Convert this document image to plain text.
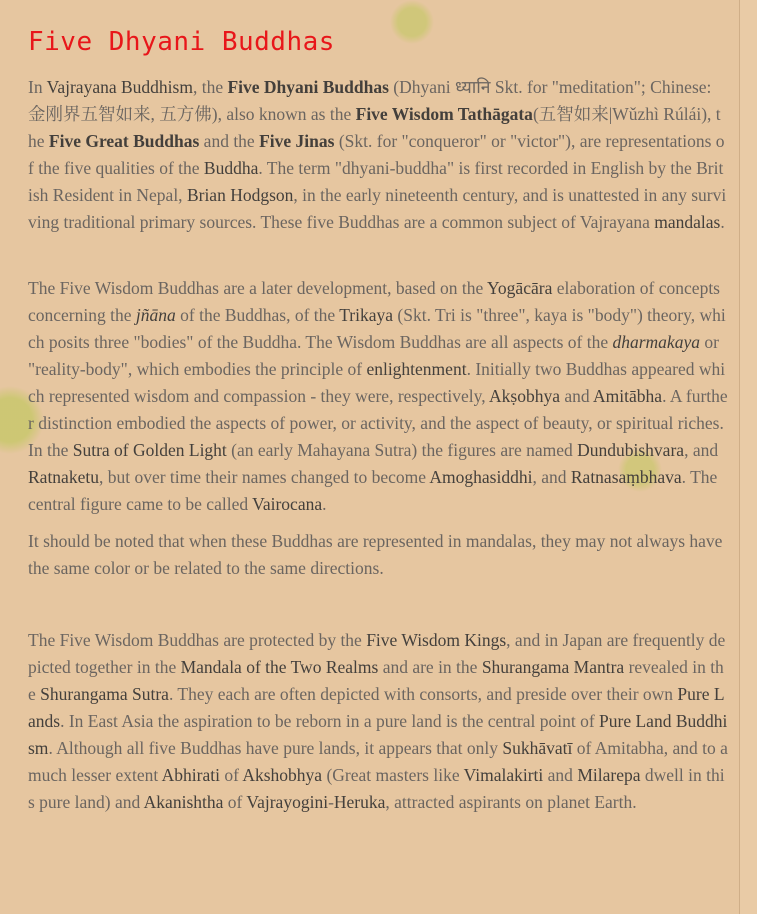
Five Dhyani Buddhas

In Vajrayana Buddhism, the Five Dhyani Buddhas (Dhyani ध्यानि Skt. for "meditation"; Chinese: 金刚界五智如来, 五方佛), also known as the Five Wisdom Tathāgata(五智如来|Wǔzhì Rúlái), the Five Great Buddhas and the Five Jinas (Skt. for "conqueror" or "victor"), are representations of the five qualities of the Buddha. The term "dhyani-buddha" is first recorded in English by the British Resident in Nepal, Brian Hodgson, in the early nineteenth century, and is unattested in any surviving traditional primary sources. These five Buddhas are a common subject of Vajrayana mandalas.

The Five Wisdom Buddhas are a later development, based on the Yogācāra elaboration of concepts concerning the jñāna of the Buddhas, of the Trikaya (Skt. Tri is "three", kaya is "body") theory, which posits three "bodies" of the Buddha. The Wisdom Buddhas are all aspects of the dharmakaya or "reality-body", which embodies the principle of enlightenment. Initially two Buddhas appeared which represented wisdom and compassion - they were, respectively, Akṣobhya and Amitābha. A further distinction embodied the aspects of power, or activity, and the aspect of beauty, or spiritual riches. In the Sutra of Golden Light (an early Mahayana Sutra) the figures are named Dundubishvara, and Ratnaketu, but over time their names changed to become Amoghasiddhi, and Ratnasaṃbhava. The central figure came to be called Vairocana.

It should be noted that when these Buddhas are represented in mandalas, they may not always have the same color or be related to the same directions.

The Five Wisdom Buddhas are protected by the Five Wisdom Kings, and in Japan are frequently depicted together in the Mandala of the Two Realms and are in the Shurangama Mantra revealed in the Shurangama Sutra. They each are often depicted with consorts, and preside over their own Pure Lands. In East Asia the aspiration to be reborn in a pure land is the central point of Pure Land Buddhism. Although all five Buddhas have pure lands, it appears that only Sukhāvatī of Amitabha, and to a much lesser extent Abhirati of Akshobhya (Great masters like Vimalakirti and Milarepa dwell in this pure land) and Akanishtha of Vajrayogini-Heruka, attracted aspirants on planet Earth.
